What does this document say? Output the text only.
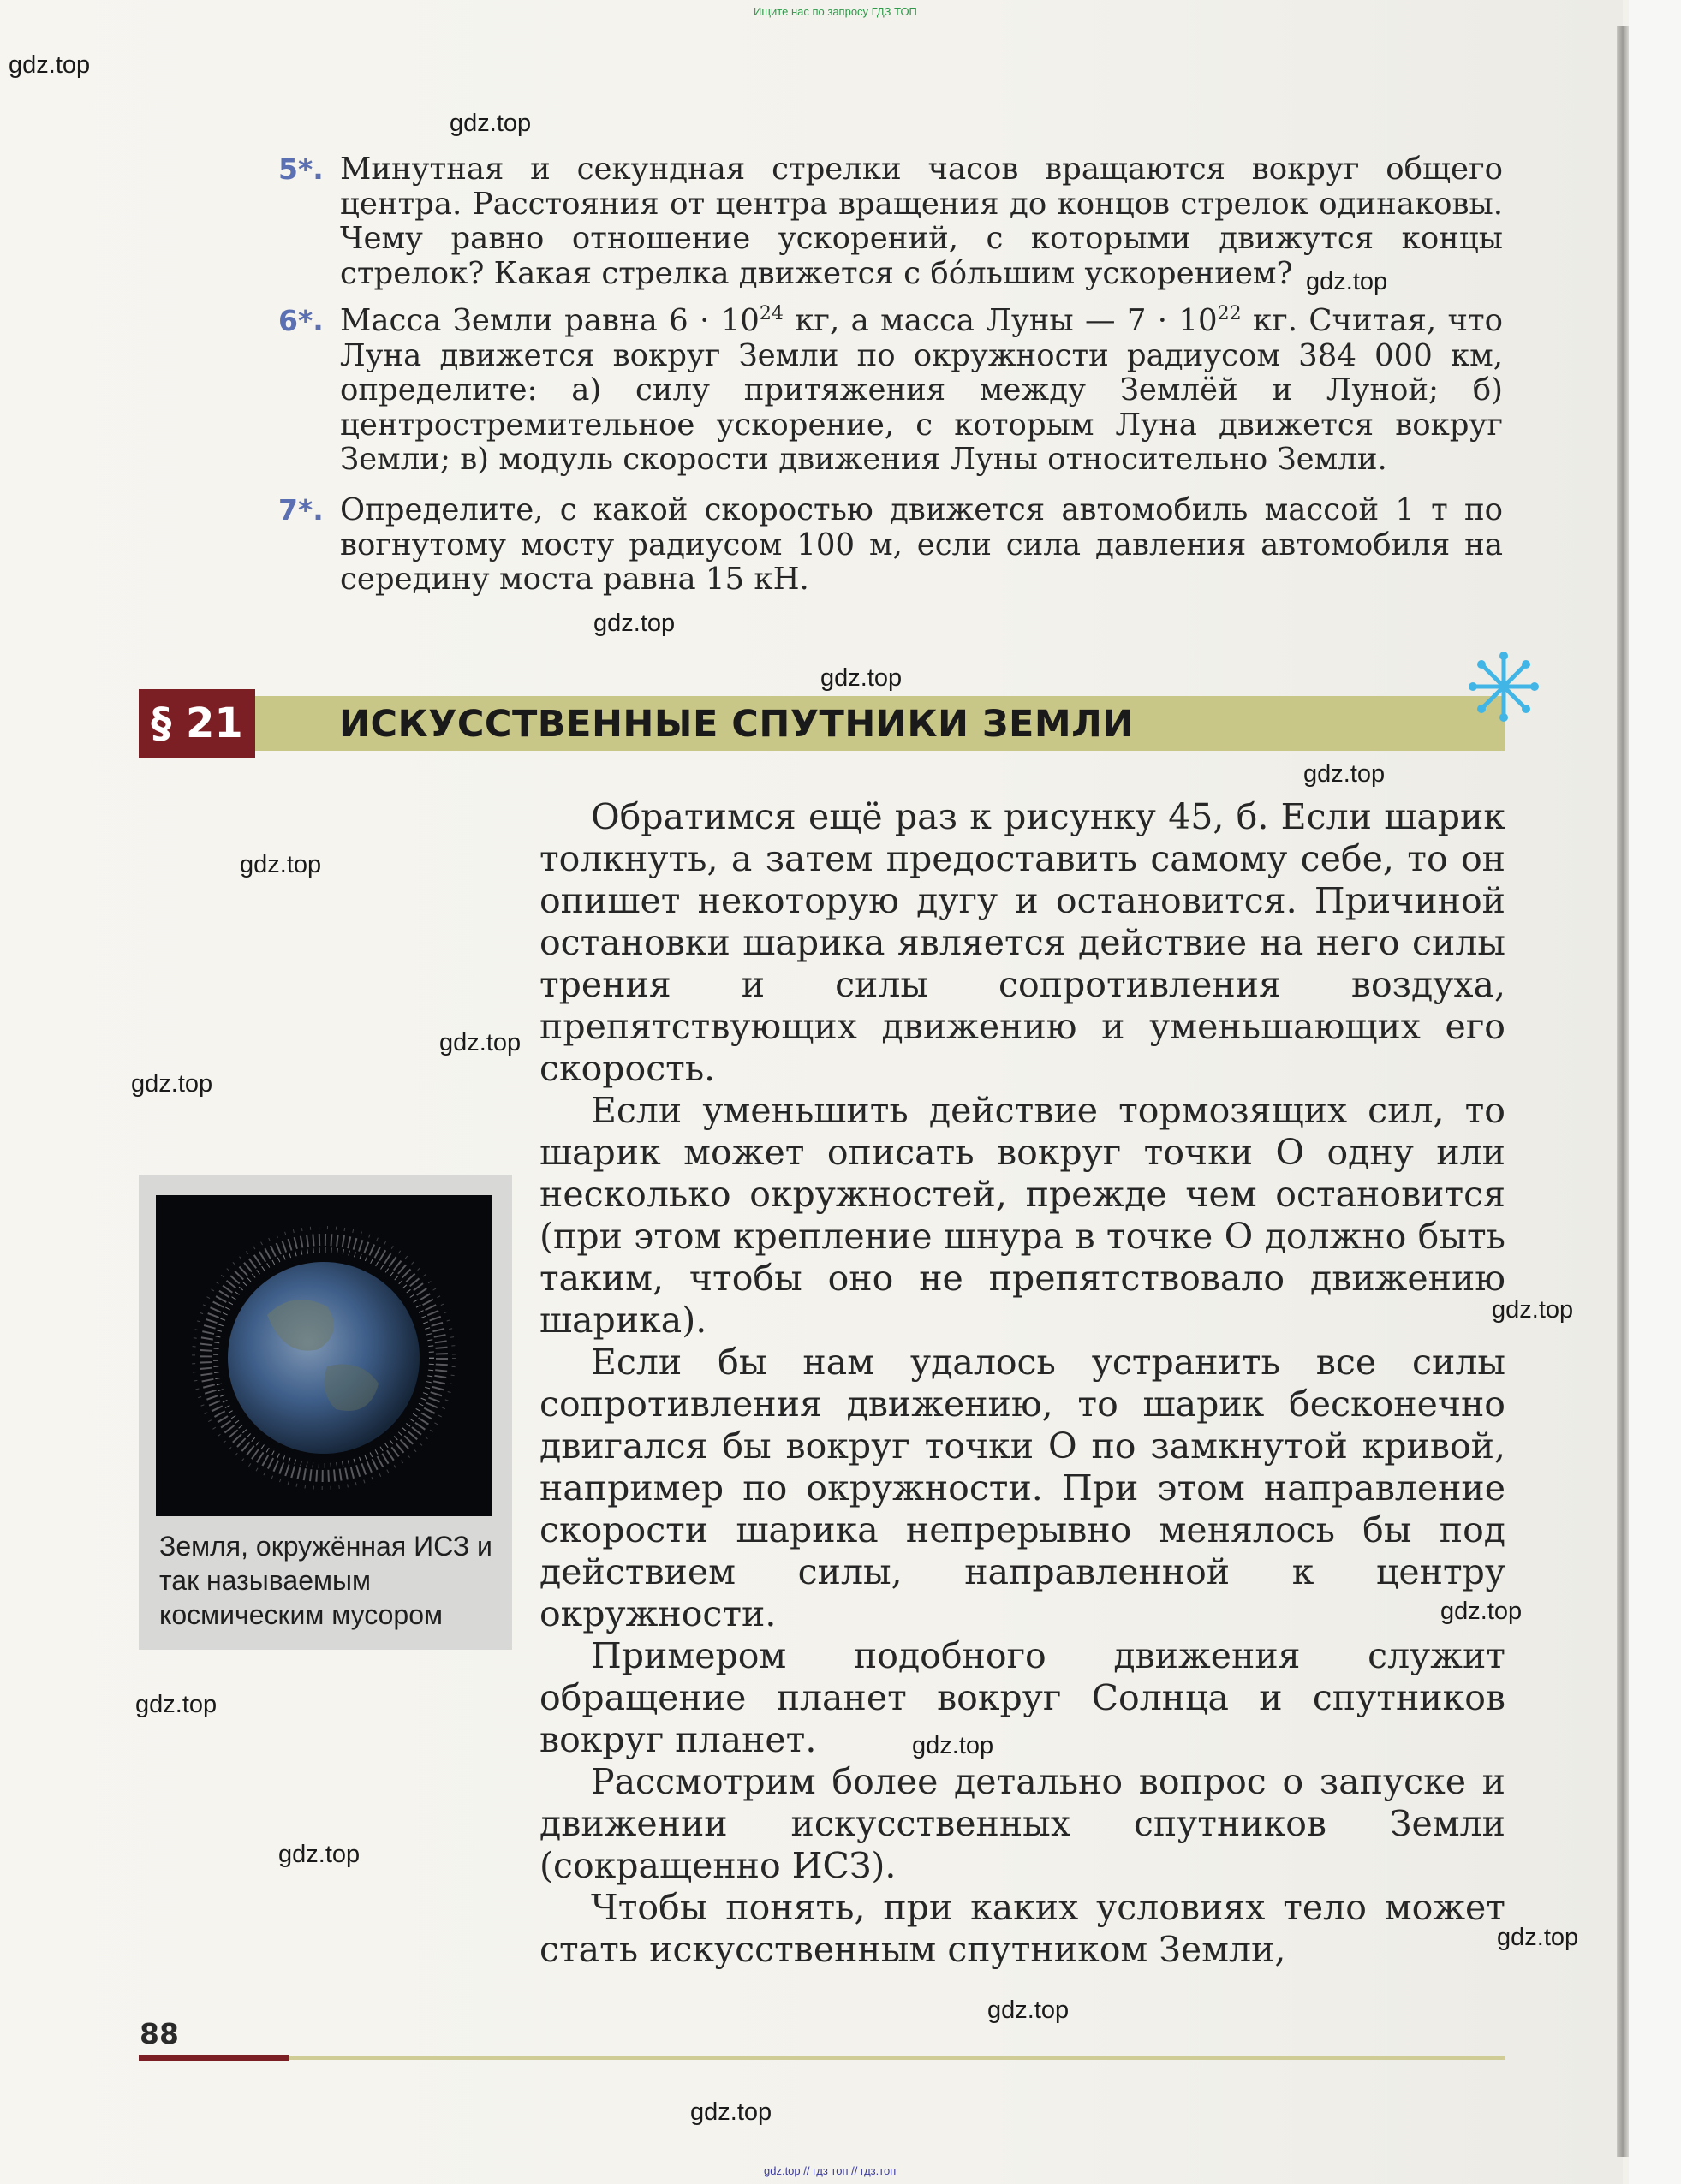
Ищите нас по запросу ГДЗ ТОП
gdz.top
gdz.top
gdz.top
gdz.top
gdz.top
gdz.top
gdz.top
gdz.top
gdz.top
gdz.top
gdz.top
gdz.top
gdz.top
gdz.top
gdz.top
gdz.top
gdz.top
5*. Минутная и секундная стрелки часов вращаются вокруг общего центра. Расстояния от центра вращения до концов стрелок одинаковы. Чему равно отношение ускорений, с которыми движутся концы стрелок? Какая стрелка движется с бо́льшим ускорением?
6*. Масса Земли равна $6 \cdot 10^{24}$ кг, а масса Луны — $7 \cdot 10^{22}$ кг. Считая, что Луна движется вокруг Земли по окружности радиусом 384 000 км, определите: а) силу притяжения между Землёй и Луной; б) центростремительное ускорение, с которым Луна движется вокруг Земли; в) модуль скорости движения Луны относительно Земли.
7*. Определите, с какой скоростью движется автомобиль массой 1 т по вогнутому мосту радиусом 100 м, если сила давления автомобиля на середину моста равна 15 кН.
§ 21	ИСКУССТВЕННЫЕ СПУТНИКИ ЗЕМЛИ
Земля, окружённая ИСЗ и так называемым космическим мусором

Обратимся ещё раз к рисунку 45, б. Если шарик толкнуть, а затем предоставить самому себе, то он опишет некоторую дугу и остановится. Причиной остановки шарика является действие на него силы трения и силы сопротивления воздуха, препятствующих движению и уменьшающих его скорость.

Если уменьшить действие тормозящих сил, то шарик может описать вокруг точки O одну или несколько окружностей, прежде чем остановится (при этом крепление шнура в точке O должно быть таким, чтобы оно не препятствовало движению шарика).

Если бы нам удалось устранить все силы сопротивления движению, то шарик бесконечно двигался бы вокруг точки O по замкнутой кривой, например по окружности. При этом направление скорости шарика непрерывно менялось бы под действием силы, направленной к центру окружности.

Примером подобного движения служит обращение планет вокруг Солнца и спутников вокруг планет.

Рассмотрим более детально вопрос о запуске и движении искусственных спутников Земли (сокращенно ИСЗ).

Чтобы понять, при каких условиях тело может стать искусственным спутником Земли,

88
gdz.top // гдз топ // гдз.топ
